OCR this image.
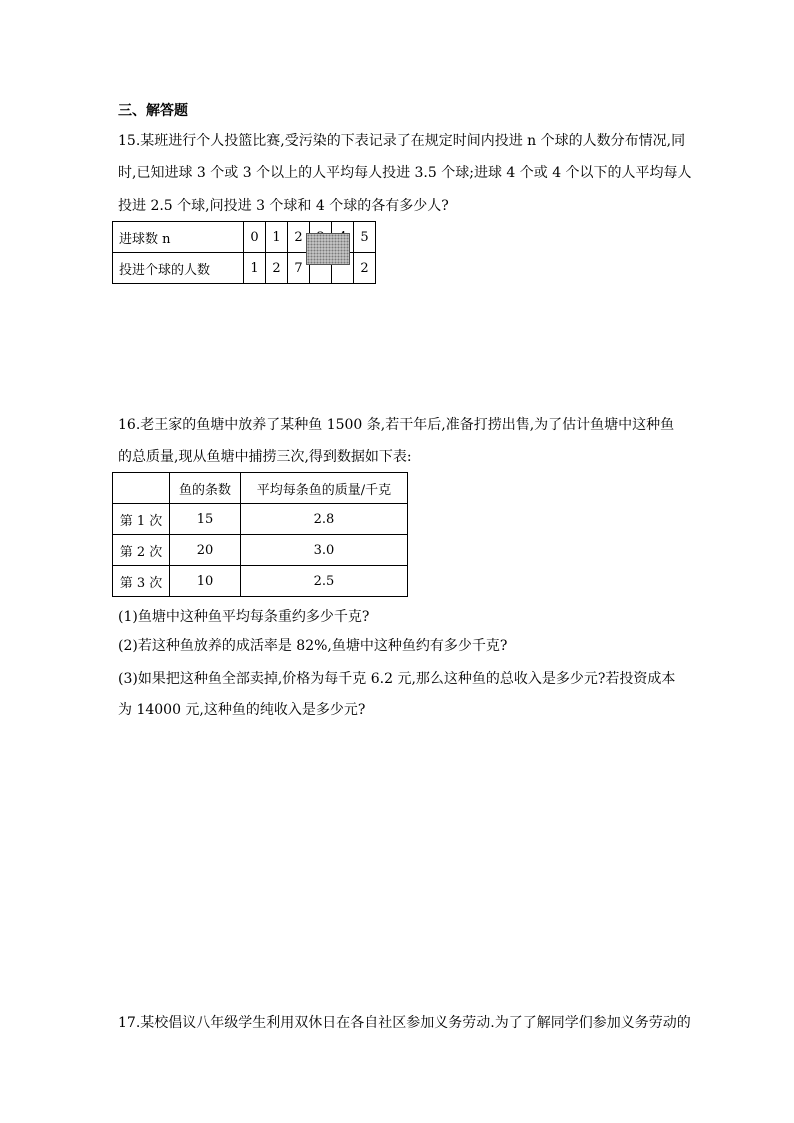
三、解答题
15.某班进行个人投篮比赛,受污染的下表记录了在规定时间内投进 n 个球的人数分布情况,同
时,已知进球 3 个或 3 个以上的人平均每人投进 3.5 个球;进球 4 个或 4 个以下的人平均每人
投进 2.5 个球,问投进 3 个球和 4 个球的各有多少人?
进球数 n	0	1	2			5
投进个球的人数	1	2	7			2
16.老王家的鱼塘中放养了某种鱼 1500 条,若干年后,准备打捞出售,为了估计鱼塘中这种鱼
的总质量,现从鱼塘中捕捞三次,得到数据如下表:
	鱼的条数	平均每条鱼的质量/千克
第 1 次	15	2.8
第 2 次	20	3.0
第 3 次	10	2.5
(1)鱼塘中这种鱼平均每条重约多少千克?
(2)若这种鱼放养的成活率是 82%,鱼塘中这种鱼约有多少千克?
(3)如果把这种鱼全部卖掉,价格为每千克 6.2 元,那么这种鱼的总收入是多少元?若投资成本
为 14000 元,这种鱼的纯收入是多少元?
17.某校倡议八年级学生利用双休日在各自社区参加义务劳动.为了了解同学们参加义务劳动的
